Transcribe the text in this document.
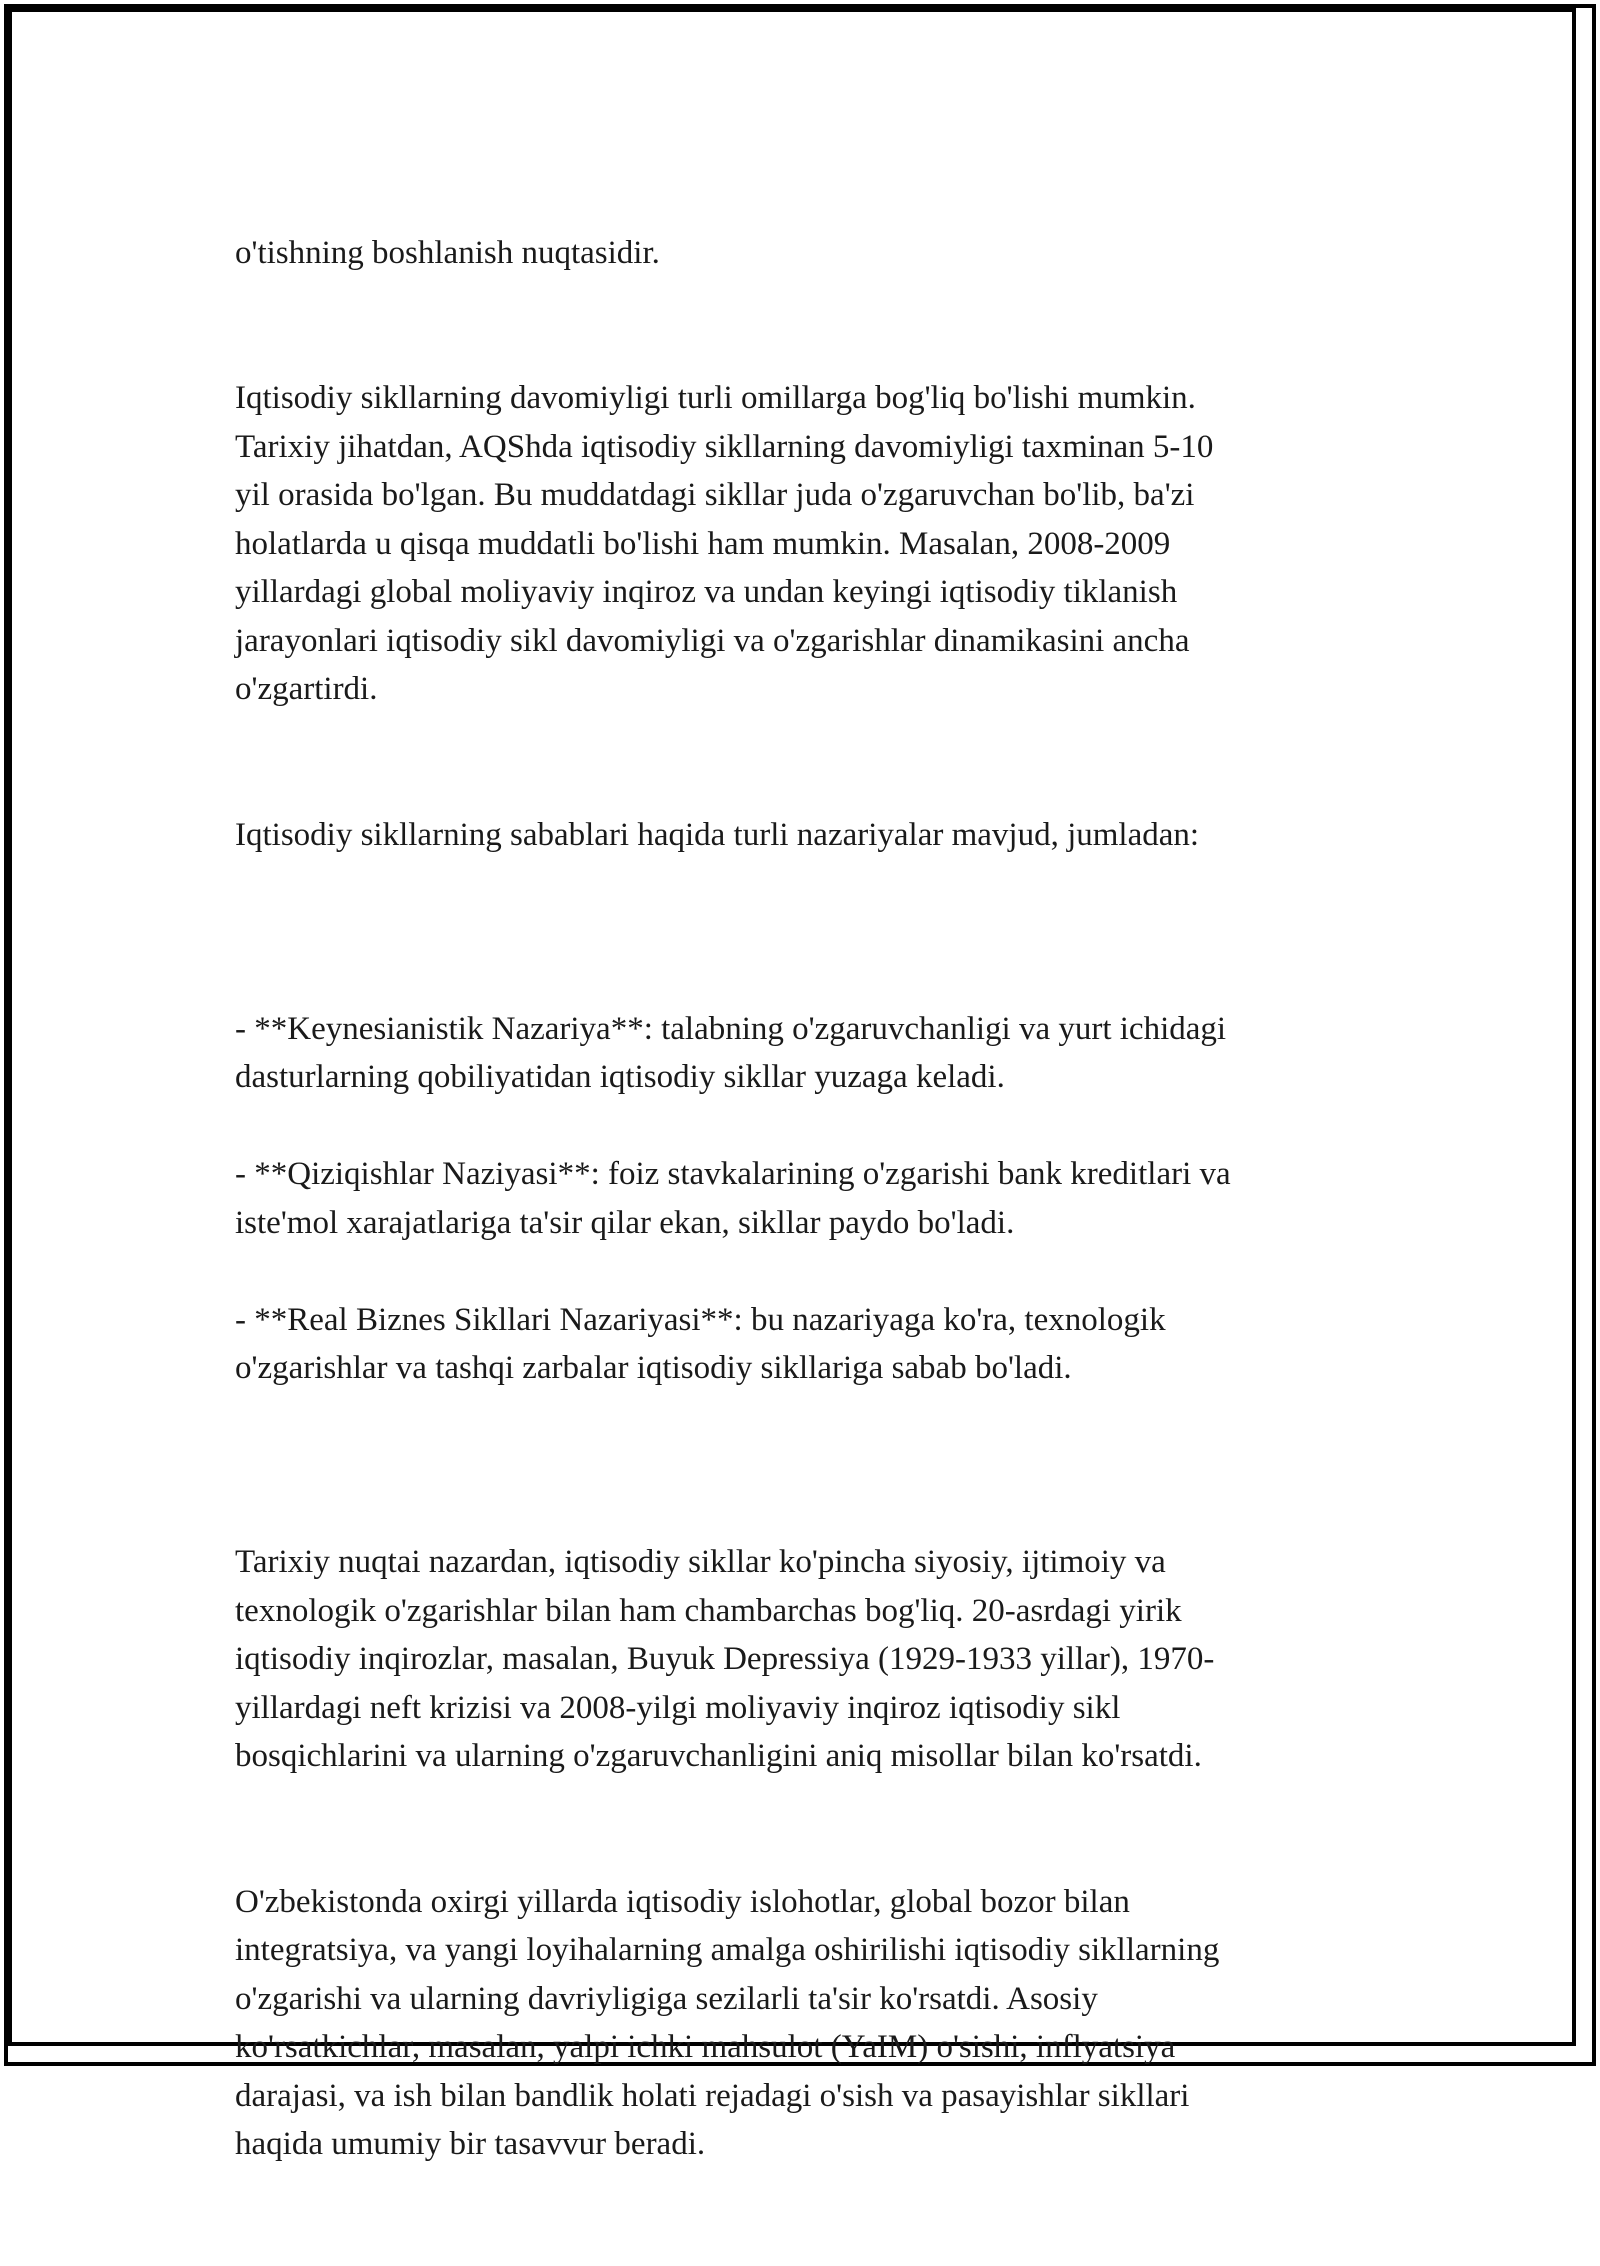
o'tishning boshlanish nuqtasidir.

Iqtisodiy sikllarning davomiyligi turli omillarga bog'liq bo'lishi mumkin.
Tarixiy jihatdan, AQShda iqtisodiy sikllarning davomiyligi taxminan 5-10
yil orasida bo'lgan. Bu muddatdagi sikllar juda o'zgaruvchan bo'lib, ba'zi
holatlarda u qisqa muddatli bo'lishi ham mumkin. Masalan, 2008-2009
yillardagi global moliyaviy inqiroz va undan keyingi iqtisodiy tiklanish
jarayonlari iqtisodiy sikl davomiyligi va o'zgarishlar dinamikasini ancha
o'zgartirdi.

Iqtisodiy sikllarning sabablari haqida turli nazariyalar mavjud, jumladan:

- **Keynesianistik Nazariya**: talabning o'zgaruvchanligi va yurt ichidagi
dasturlarning qobiliyatidan iqtisodiy sikllar yuzaga keladi.

- **Qiziqishlar Naziyasi**: foiz stavkalarining o'zgarishi bank kreditlari va
iste'mol xarajatlariga ta'sir qilar ekan, sikllar paydo bo'ladi.

- **Real Biznes Sikllari Nazariyasi**: bu nazariyaga ko'ra, texnologik
o'zgarishlar va tashqi zarbalar iqtisodiy sikllariga sabab bo'ladi.

Tarixiy nuqtai nazardan, iqtisodiy sikllar ko'pincha siyosiy, ijtimoiy va
texnologik o'zgarishlar bilan ham chambarchas bog'liq. 20-asrdagi yirik
iqtisodiy inqirozlar, masalan, Buyuk Depressiya (1929-1933 yillar), 1970-
yillardagi neft krizisi va 2008-yilgi moliyaviy inqiroz iqtisodiy sikl
bosqichlarini va ularning o'zgaruvchanligini aniq misollar bilan ko'rsatdi.

O'zbekistonda oxirgi yillarda iqtisodiy islohotlar, global bozor bilan
integratsiya, va yangi loyihalarning amalga oshirilishi iqtisodiy sikllarning
o'zgarishi va ularning davriyligiga sezilarli ta'sir ko'rsatdi. Asosiy
ko'rsatkichlar, masalan, yalpi ichki mahsulot (YaIM) o'sishi, inflyatsiya
darajasi, va ish bilan bandlik holati rejadagi o'sish va pasayishlar sikllari
haqida umumiy bir tasavvur beradi.
